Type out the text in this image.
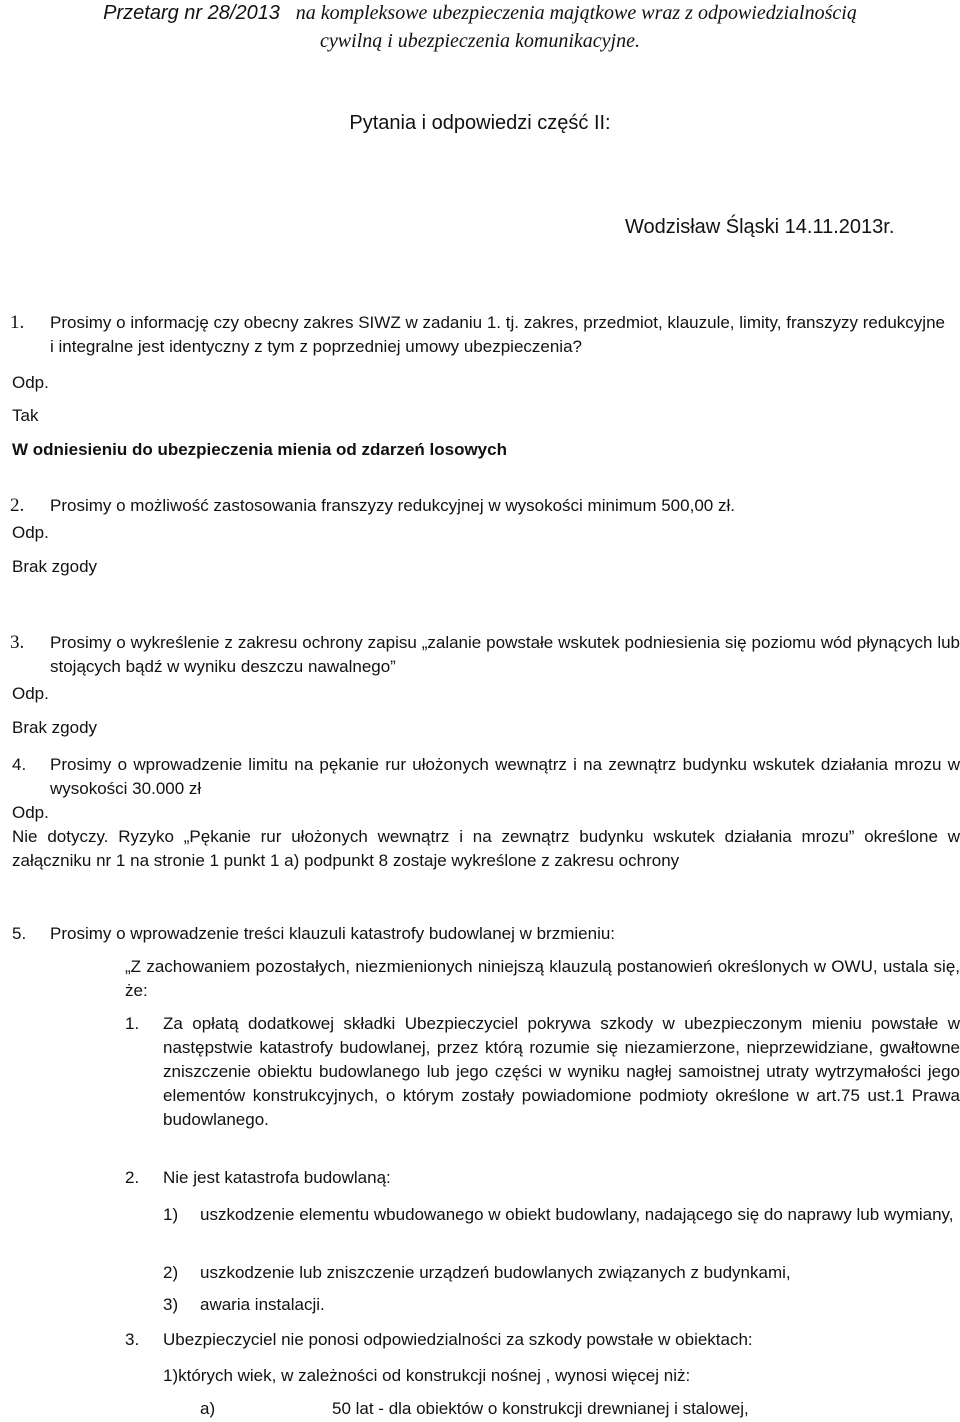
Przetarg nr 28/2013 na kompleksowe ubezpieczenia majątkowe wraz z odpowiedzialnością
cywilną i ubezpieczenia komunikacyjne.
Pytania i odpowiedzi część II:
Wodzisław Śląski 14.11.2013r.
1. Prosimy o informację czy obecny zakres SIWZ w zadaniu 1. tj. zakres, przedmiot, klauzule, limity, franszyzy redukcyjne i integralne jest identyczny z tym z poprzedniej umowy ubezpieczenia?
Odp.
Tak
W odniesieniu do ubezpieczenia mienia od zdarzeń losowych
2. Prosimy o możliwość zastosowania franszyzy redukcyjnej w wysokości minimum 500,00 zł.
Odp.
Brak zgody
3. Prosimy o wykreślenie z zakresu ochrony zapisu „zalanie powstałe wskutek podniesienia się poziomu wód płynących lub stojących bądź w wyniku deszczu nawalnego”
Odp.
Brak zgody
4. Prosimy o wprowadzenie limitu na pękanie rur ułożonych wewnątrz i na zewnątrz budynku wskutek działania mrozu w wysokości 30.000 zł
Odp.
Nie dotyczy. Ryzyko „Pękanie rur ułożonych wewnątrz i na zewnątrz budynku wskutek działania mrozu” określone w załączniku nr 1 na stronie 1 punkt 1 a) podpunkt 8 zostaje wykreślone z zakresu ochrony
5. Prosimy o wprowadzenie treści klauzuli katastrofy budowlanej w brzmieniu:
„Z zachowaniem pozostałych, niezmienionych niniejszą klauzulą postanowień określonych w OWU, ustala się, że:
1. Za opłatą dodatkowej składki Ubezpieczyciel pokrywa szkody w ubezpieczonym mieniu powstałe w następstwie katastrofy budowlanej, przez którą rozumie się niezamierzone, nieprzewidziane, gwałtowne zniszczenie obiektu budowlanego lub jego części w wyniku nagłej samoistnej utraty wytrzymałości jego elementów konstrukcyjnych, o którym zostały powiadomione podmioty określone w art.75 ust.1 Prawa budowlanego.
2. Nie jest katastrofa budowlaną:
1) uszkodzenie elementu wbudowanego w obiekt budowlany, nadającego się do naprawy lub wymiany,
2) uszkodzenie lub zniszczenie urządzeń budowlanych związanych z budynkami,
3) awaria instalacji.
3. Ubezpieczyciel nie ponosi odpowiedzialności za szkody powstałe w obiektach:
1)których wiek, w zależności od konstrukcji nośnej , wynosi więcej niż:
a)	50 lat - dla obiektów o konstrukcji drewnianej i stalowej,
